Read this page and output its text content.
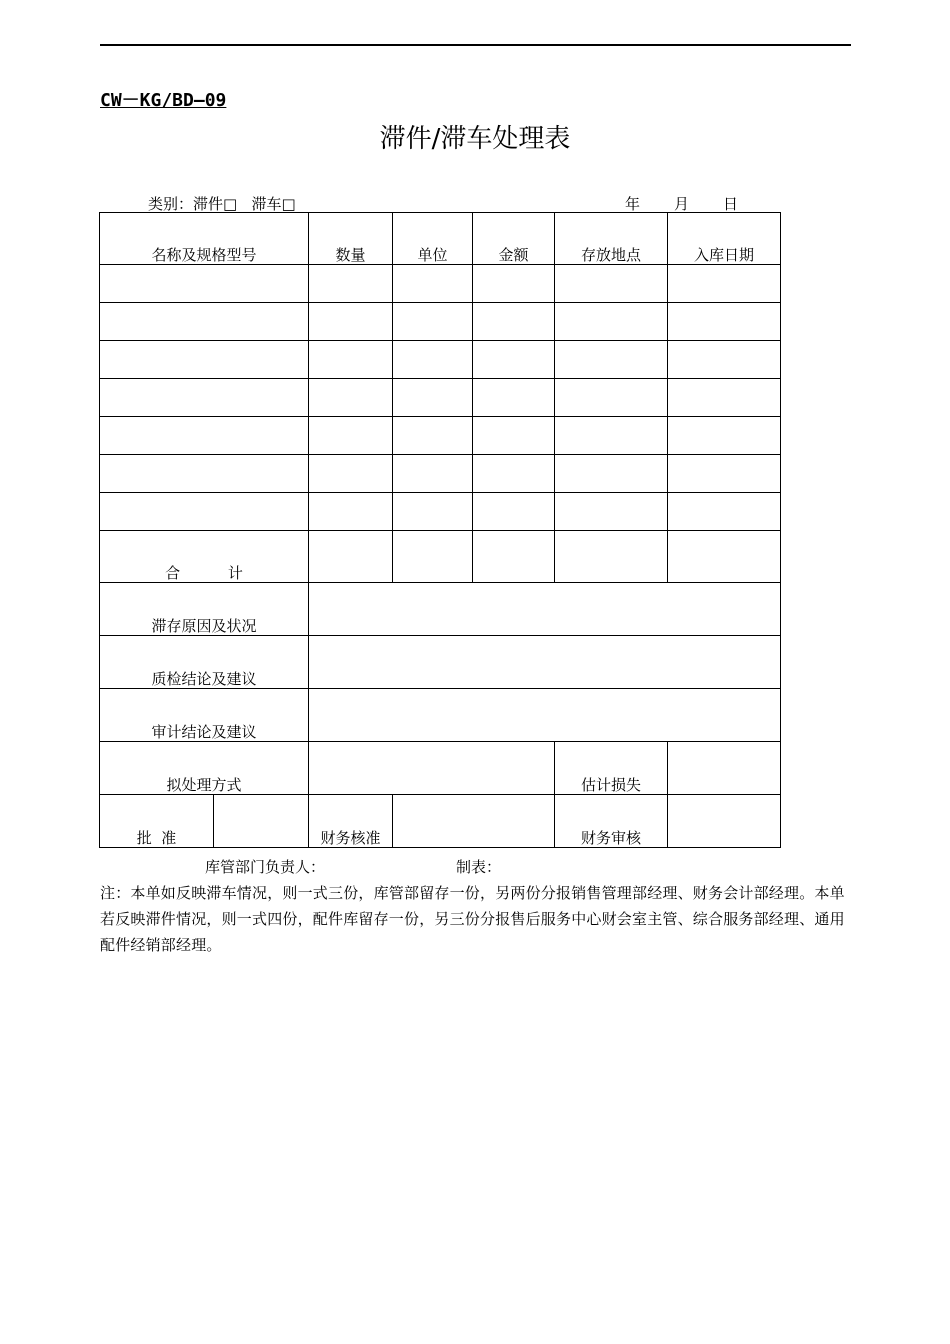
CW－KG/BD—09
滞件/滞车处理表
类别：滞件□ 滞车□	年 月 日
名称及规格型号		数量	单位	金额	存放地点	入库日期

合 计						
滞存原因及状况						
质检结论及建议						
审计结论及建议						
拟处理方式					估计损失	
批 准		财务核准			财务审核	
库管部门负责人：	制表：
注：本单如反映滞车情况，则一式三份，库管部留存一份，另两份分报销售管理部经理、财务会计部经理。本单若反映滞件情况，则一式四份，配件库留存一份，另三份分报售后服务中心财会室主管、综合服务部经理、通用配件经销部经理。
